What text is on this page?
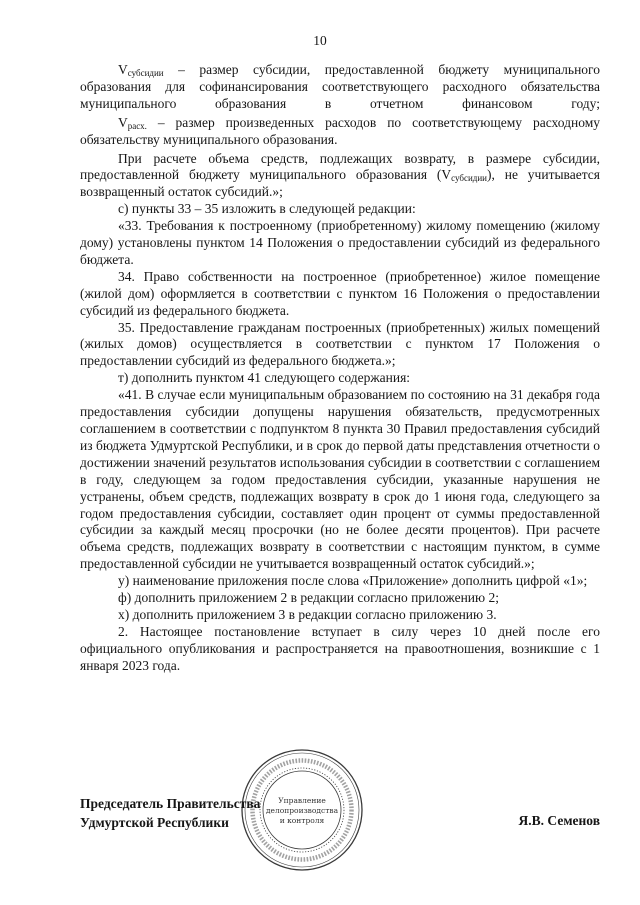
10

$V_{субсидии}$ – размер субсидии, предоставленной бюджету муниципального образования для софинансирования соответствующего расходного обязательства муниципального образования в отчетном финансовом году;

$V_{расх.}$ – размер произведенных расходов по соответствующему расходному обязательству муниципального образования.

При расчете объема средств, подлежащих возврату, в размере субсидии, предоставленной бюджету муниципального образования $(V_{субсидии})$, не учитывается возвращенный остаток субсидий.»;

с) пункты 33 – 35 изложить в следующей редакции:

«33. Требования к построенному (приобретенному) жилому помещению (жилому дому) установлены пунктом 14 Положения о предоставлении субсидий из федерального бюджета.

34. Право собственности на построенное (приобретенное) жилое помещение (жилой дом) оформляется в соответствии с пунктом 16 Положения о предоставлении субсидий из федерального бюджета.

35. Предоставление гражданам построенных (приобретенных) жилых помещений (жилых домов) осуществляется в соответствии с пунктом 17 Положения о предоставлении субсидий из федерального бюджета.»;

т) дополнить пунктом 41 следующего содержания:

«41. В случае если муниципальным образованием по состоянию на 31 декабря года предоставления субсидии допущены нарушения обязательств, предусмотренных соглашением в соответствии с подпунктом 8 пункта 30 Правил предоставления субсидий из бюджета Удмуртской Республики, и в срок до первой даты представления отчетности о достижении значений результатов использования субсидии в соответствии с соглашением в году, следующем за годом предоставления субсидии, указанные нарушения не устранены, объем средств, подлежащих возврату в срок до 1 июня года, следующего за годом предоставления субсидии, составляет один процент от суммы предоставленной субсидии за каждый месяц просрочки (но не более десяти процентов). При расчете объема средств, подлежащих возврату в соответствии с настоящим пунктом, в сумме предоставленной субсидии не учитывается возвращенный остаток субсидий.»;

у) наименование приложения после слова «Приложение» дополнить цифрой «1»;

ф) дополнить приложением 2 в редакции согласно приложению 2;

х) дополнить приложением 3 в редакции согласно приложению 3.

2. Настоящее постановление вступает в силу через 10 дней после его официального опубликования и распространяется на правоотношения, возникшие с 1 января 2023 года.

Управление
делопроизводства
и контроля
Председатель Правительства
Удмуртской Республики	Я.В. Семенов
